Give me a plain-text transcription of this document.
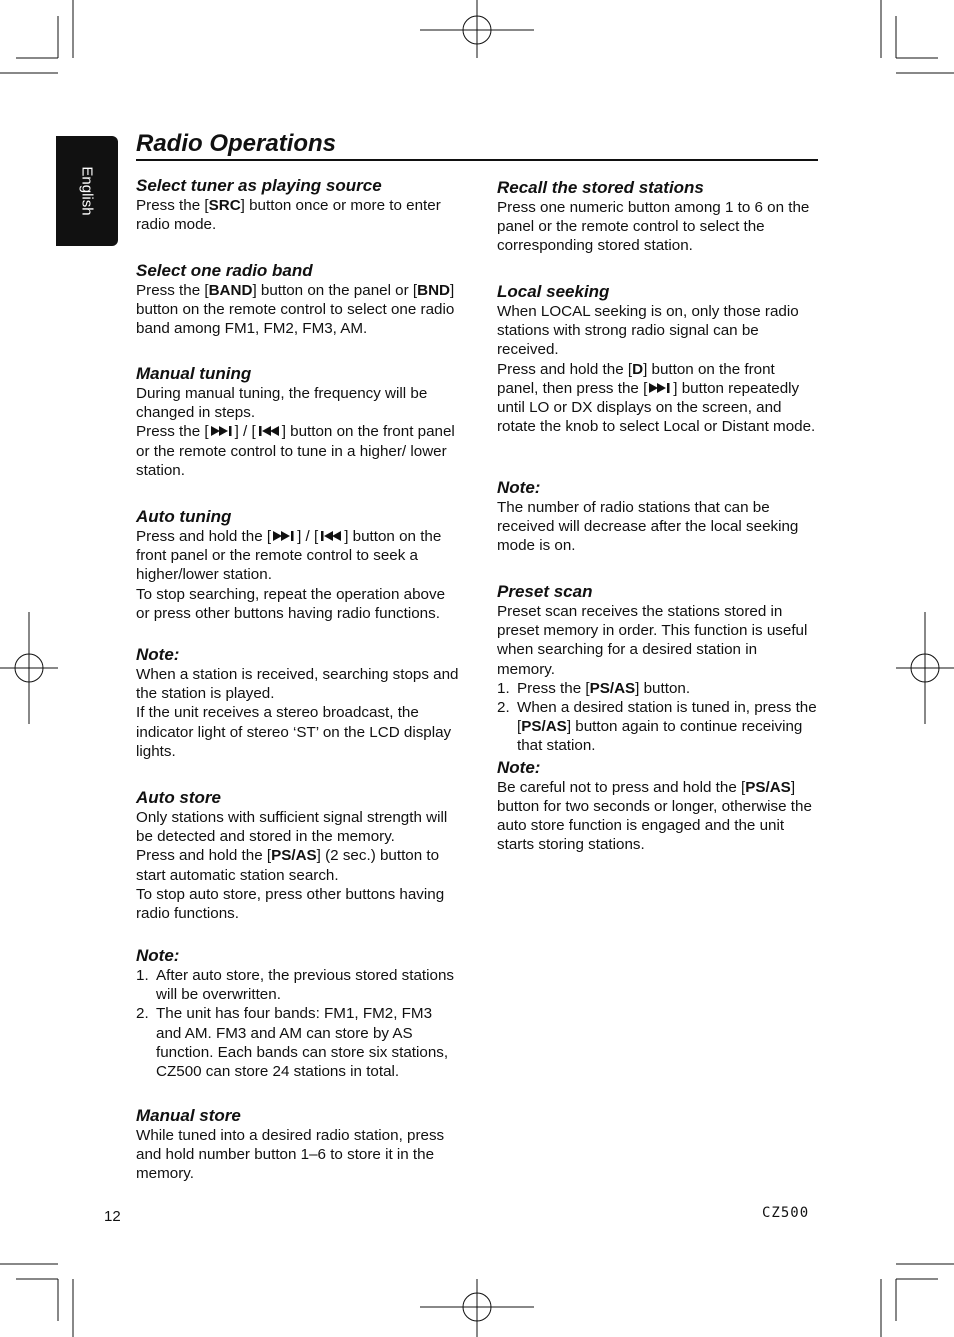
English
Radio Operations
Select tuner as playing source

Press the [SRC] button once or more to enter radio mode.

Select one radio band

Press the [BAND] button on the panel or [BND] button on the remote control to select one radio band among FM1, FM2, FM3, AM.

Manual tuning

During manual tuning, the frequency will be changed in steps.

Press the [ ] / [ ] button on the front panel or the remote control to tune in a higher/ lower station.

Auto tuning

Press and hold the [ ] / [ ] button on the front panel or the remote control to seek a higher/lower station.

To stop searching, repeat the operation above or press other buttons having radio functions.

Note:

When a station is received, searching stops and the station is played.

If the unit receives a stereo broadcast, the indicator light of stereo ‘ST’ on the LCD display lights.

Auto store

Only stations with sufficient signal strength will be detected and stored in the memory.

Press and hold the [PS/AS] (2 sec.) button to start automatic station search.

To stop auto store, press other buttons having radio functions.

Note:
1. After auto store, the previous stored stations will be overwritten.
2. The unit has four bands: FM1, FM2, FM3 and AM. FM3 and AM can store by AS function. Each bands can store six stations, CZ500 can store 24 stations in total.
Manual store

While tuned into a desired radio station, press and hold number button 1–6 to store it in the memory.

Recall the stored stations

Press one numeric button among 1 to 6 on the panel or the remote control to select the corresponding stored station.

Local seeking

When LOCAL seeking is on, only those radio stations with strong radio signal can be received.

Press and hold the [D] button on the front panel, then press the [ ] button repeatedly until LO or DX displays on the screen, and rotate the knob to select Local or Distant mode.

Note:

The number of radio stations that can be received will decrease after the local seeking mode is on.

Preset scan

Preset scan receives the stations stored in preset memory in order. This function is useful when searching for a desired station in memory.

1. Press the [PS/AS] button.
2. When a desired station is tuned in, press the [PS/AS] button again to continue receiving that station.
Note:

Be careful not to press and hold the [PS/AS] button for two seconds or longer, otherwise the auto store function is engaged and the unit starts storing stations.

12	CZ500
